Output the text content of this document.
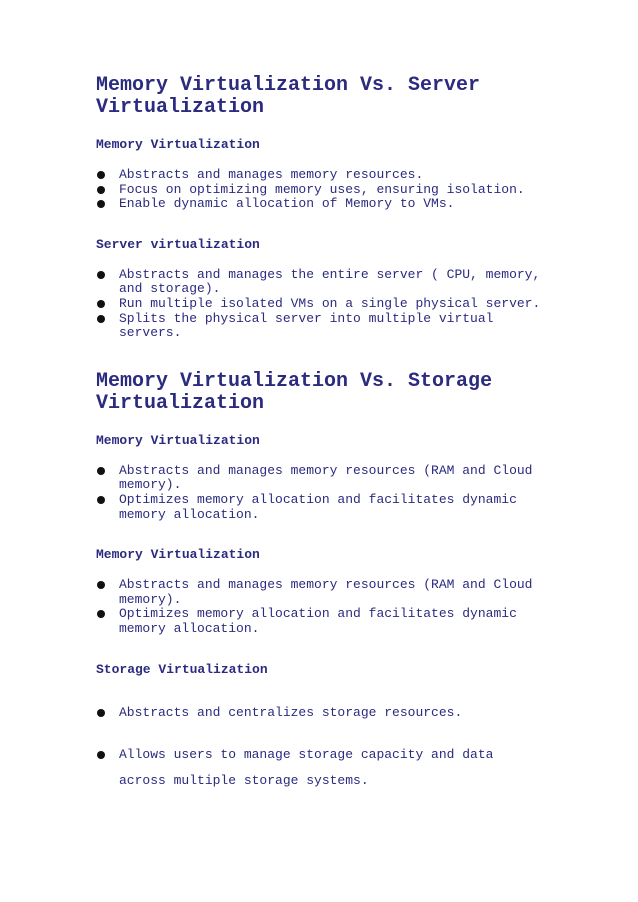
Memory Virtualization Vs. Server Virtualization
Memory Virtualization
Abstracts and manages memory resources.
Focus on optimizing memory uses, ensuring isolation.
Enable dynamic allocation of Memory to VMs.
Server virtualization
Abstracts and manages the entire server ( CPU, memory, and storage).
Run multiple isolated VMs on a single physical server.
Splits the physical server into multiple virtual servers.
Memory Virtualization Vs. Storage Virtualization
Memory Virtualization
Abstracts and manages memory resources (RAM and Cloud memory).
Optimizes memory allocation and facilitates dynamic memory allocation.
Memory Virtualization
Abstracts and manages memory resources (RAM and Cloud memory).
Optimizes memory allocation and facilitates dynamic memory allocation.
Storage Virtualization
Abstracts and centralizes storage resources.
Allows users to manage storage capacity and data across multiple storage systems.
